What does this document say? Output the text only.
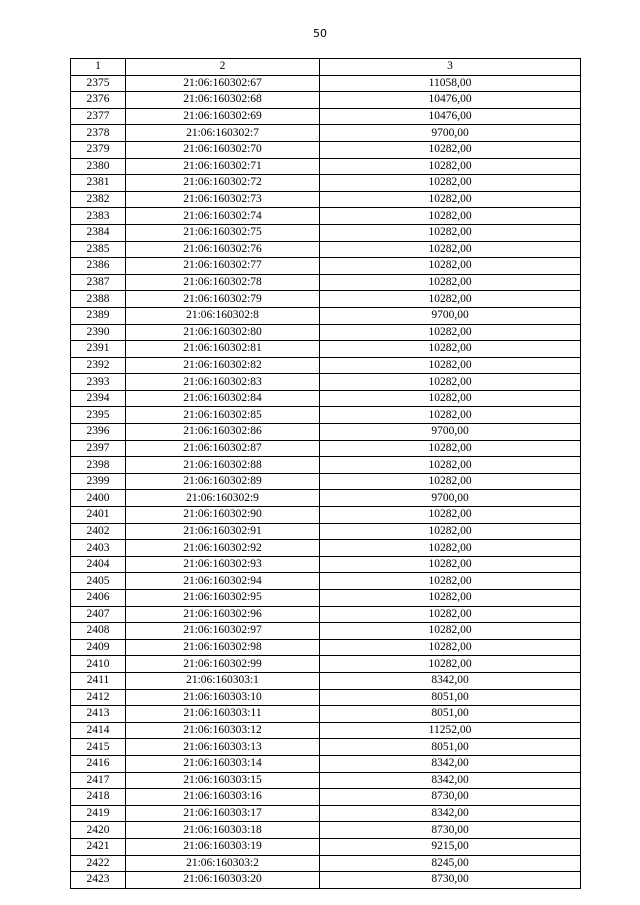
50
1	2	3
2375	21:06:160302:67	11058,00
2376	21:06:160302:68	10476,00
2377	21:06:160302:69	10476,00
2378	21:06:160302:7	9700,00
2379	21:06:160302:70	10282,00
2380	21:06:160302:71	10282,00
2381	21:06:160302:72	10282,00
2382	21:06:160302:73	10282,00
2383	21:06:160302:74	10282,00
2384	21:06:160302:75	10282,00
2385	21:06:160302:76	10282,00
2386	21:06:160302:77	10282,00
2387	21:06:160302:78	10282,00
2388	21:06:160302:79	10282,00
2389	21:06:160302:8	9700,00
2390	21:06:160302:80	10282,00
2391	21:06:160302:81	10282,00
2392	21:06:160302:82	10282,00
2393	21:06:160302:83	10282,00
2394	21:06:160302:84	10282,00
2395	21:06:160302:85	10282,00
2396	21:06:160302:86	9700,00
2397	21:06:160302:87	10282,00
2398	21:06:160302:88	10282,00
2399	21:06:160302:89	10282,00
2400	21:06:160302:9	9700,00
2401	21:06:160302:90	10282,00
2402	21:06:160302:91	10282,00
2403	21:06:160302:92	10282,00
2404	21:06:160302:93	10282,00
2405	21:06:160302:94	10282,00
2406	21:06:160302:95	10282,00
2407	21:06:160302:96	10282,00
2408	21:06:160302:97	10282,00
2409	21:06:160302:98	10282,00
2410	21:06:160302:99	10282,00
2411	21:06:160303:1	8342,00
2412	21:06:160303:10	8051,00
2413	21:06:160303:11	8051,00
2414	21:06:160303:12	11252,00
2415	21:06:160303:13	8051,00
2416	21:06:160303:14	8342,00
2417	21:06:160303:15	8342,00
2418	21:06:160303:16	8730,00
2419	21:06:160303:17	8342,00
2420	21:06:160303:18	8730,00
2421	21:06:160303:19	9215,00
2422	21:06:160303:2	8245,00
2423	21:06:160303:20	8730,00
